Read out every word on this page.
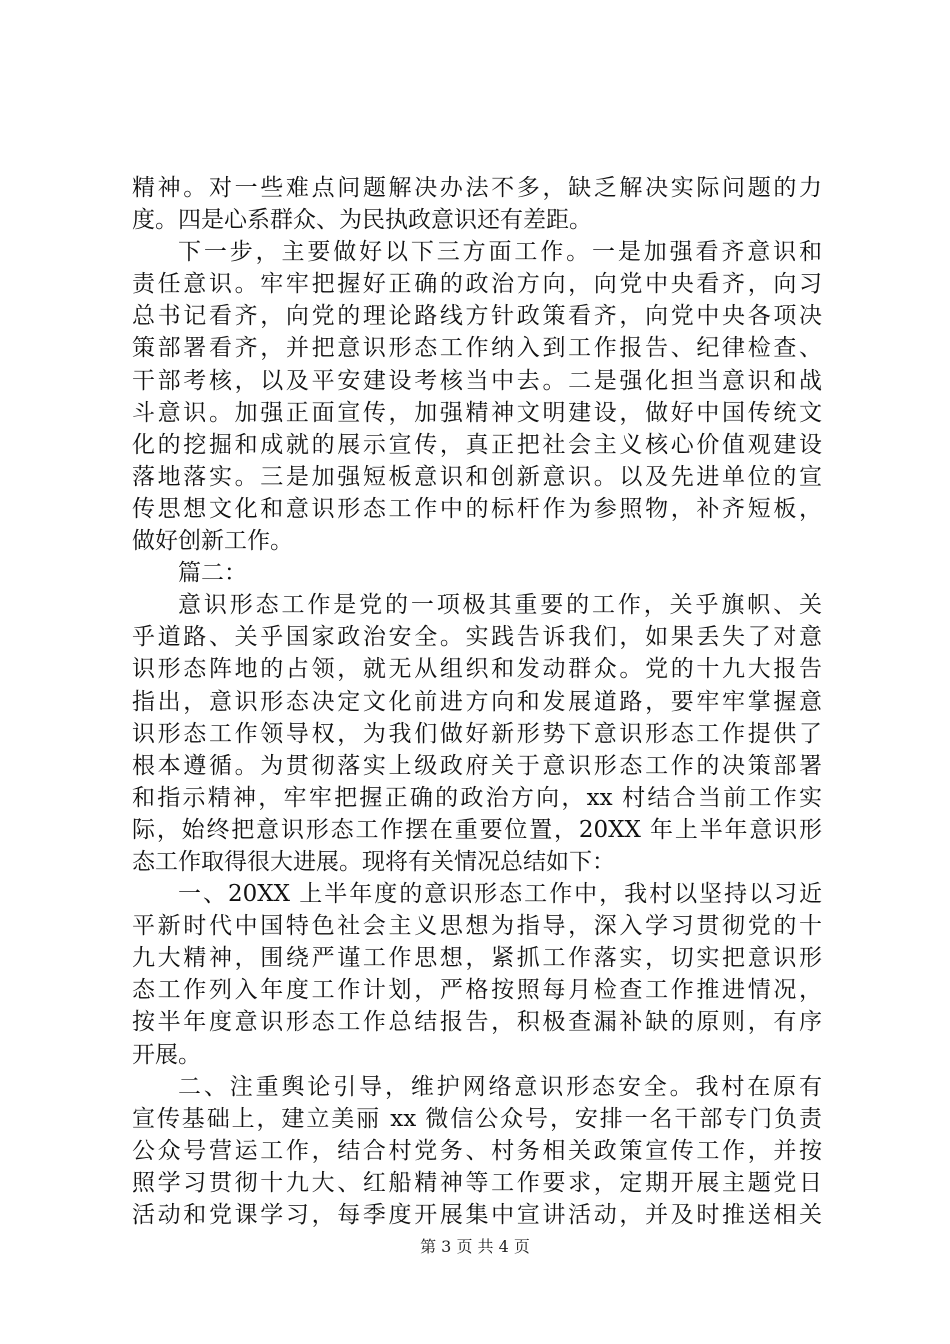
精神。对一些难点问题解决办法不多，缺乏解决实际问题的力
度。四是心系群众、为民执政意识还有差距。
下一步，主要做好以下三方面工作。一是加强看齐意识和
责任意识。牢牢把握好正确的政治方向，向党中央看齐，向习
总书记看齐，向党的理论路线方针政策看齐，向党中央各项决
策部署看齐，并把意识形态工作纳入到工作报告、纪律检查、
干部考核，以及平安建设考核当中去。二是强化担当意识和战
斗意识。加强正面宣传，加强精神文明建设，做好中国传统文
化的挖掘和成就的展示宣传，真正把社会主义核心价值观建设
落地落实。三是加强短板意识和创新意识。以及先进单位的宣
传思想文化和意识形态工作中的标杆作为参照物，补齐短板，
做好创新工作。
篇二：
意识形态工作是党的一项极其重要的工作，关乎旗帜、关
乎道路、关乎国家政治安全。实践告诉我们，如果丢失了对意
识形态阵地的占领，就无从组织和发动群众。党的十九大报告
指出，意识形态决定文化前进方向和发展道路，要牢牢掌握意
识形态工作领导权，为我们做好新形势下意识形态工作提供了
根本遵循。为贯彻落实上级政府关于意识形态工作的决策部署
和指示精神，牢牢把握正确的政治方向，xx 村结合当前工作实
际，始终把意识形态工作摆在重要位置，20XX 年上半年意识形
态工作取得很大进展。现将有关情况总结如下：
一、20XX 上半年度的意识形态工作中，我村以坚持以习近
平新时代中国特色社会主义思想为指导，深入学习贯彻党的十
九大精神，围绕严谨工作思想，紧抓工作落实，切实把意识形
态工作列入年度工作计划，严格按照每月检查工作推进情况，
按半年度意识形态工作总结报告，积极查漏补缺的原则，有序
开展。
二、注重舆论引导，维护网络意识形态安全。我村在原有
宣传基础上，建立美丽 xx 微信公众号，安排一名干部专门负责
公众号营运工作，结合村党务、村务相关政策宣传工作，并按
照学习贯彻十九大、红船精神等工作要求，定期开展主题党日
活动和党课学习，每季度开展集中宣讲活动，并及时推送相关
第 3 页 共 4 页
